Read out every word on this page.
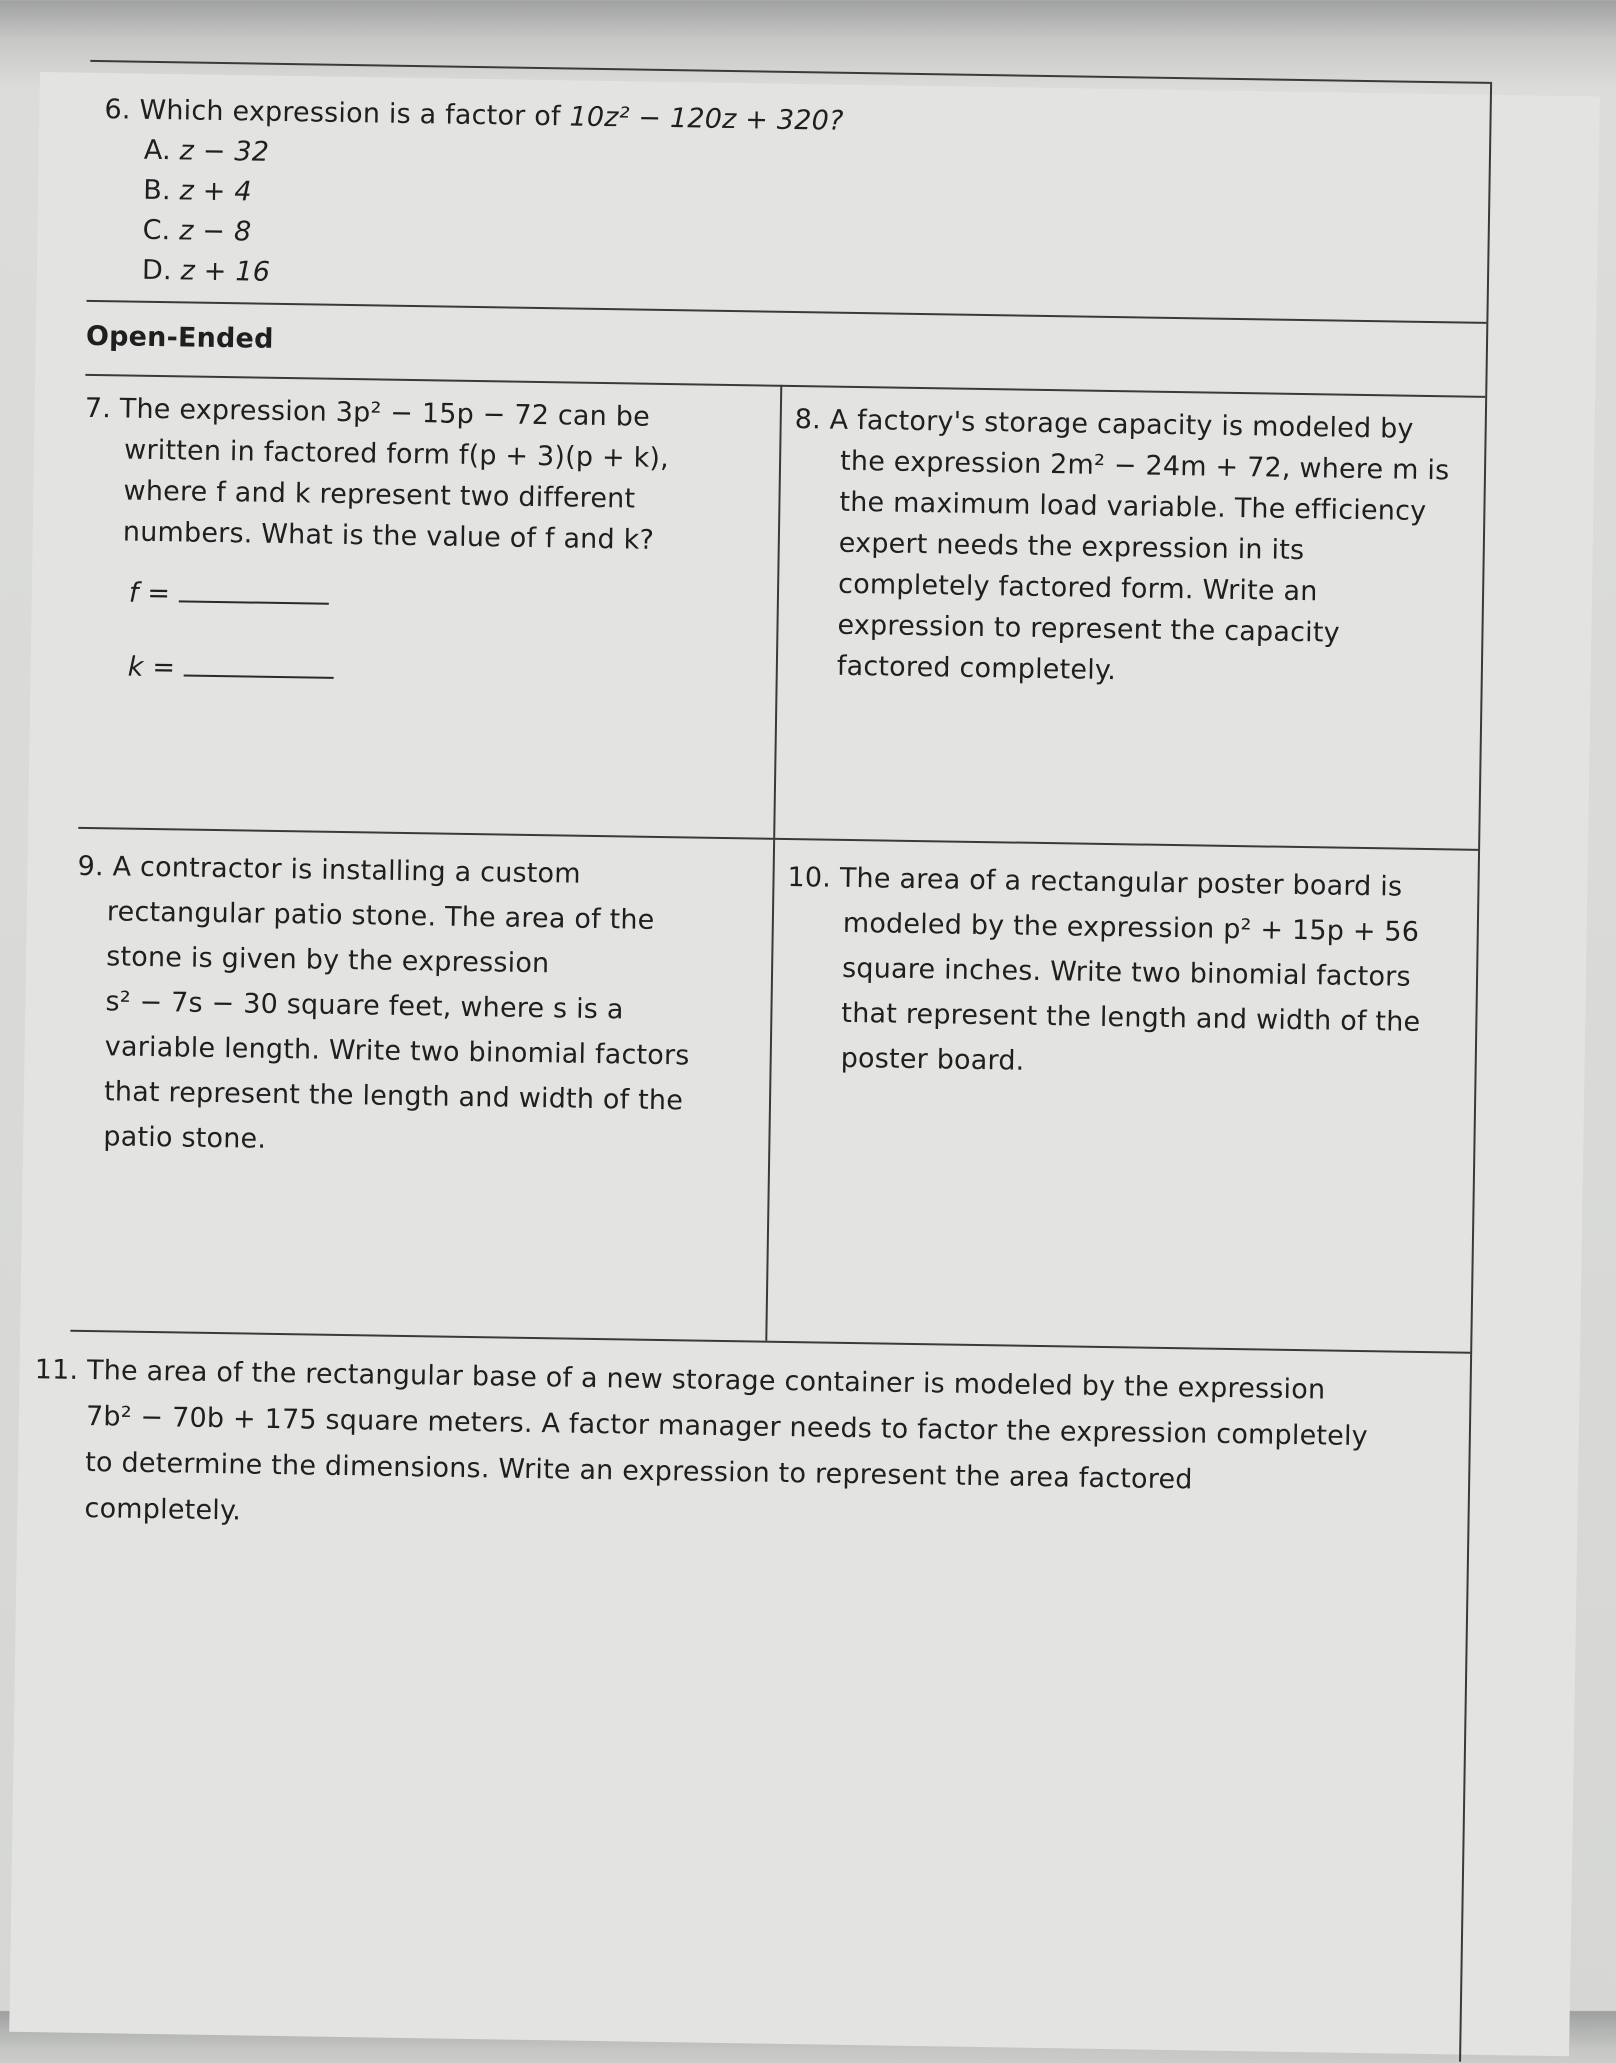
6. Which expression is a factor of 10z² − 120z + 320?

A. z − 32

B. z + 4

C. z − 8

D. z + 16

Open-Ended

7. The expression 3p² − 15p − 72 can be

written in factored form f(p + 3)(p + k),

where f and k represent two different

numbers. What is the value of f and k?

f =
k =

8. A factory's storage capacity is modeled by

the expression 2m² − 24m + 72, where m is

the maximum load variable. The efficiency

expert needs the expression in its

completely factored form. Write an

expression to represent the capacity

factored completely.

9. A contractor is installing a custom

rectangular patio stone. The area of the

stone is given by the expression

s² − 7s − 30 square feet, where s is a

variable length. Write two binomial factors

that represent the length and width of the

patio stone.

10. The area of a rectangular poster board is

modeled by the expression p² + 15p + 56

square inches. Write two binomial factors

that represent the length and width of the

poster board.

11. The area of the rectangular base of a new storage container is modeled by the expression

7b² − 70b + 175 square meters. A factor manager needs to factor the expression completely

to determine the dimensions. Write an expression to represent the area factored

completely.
